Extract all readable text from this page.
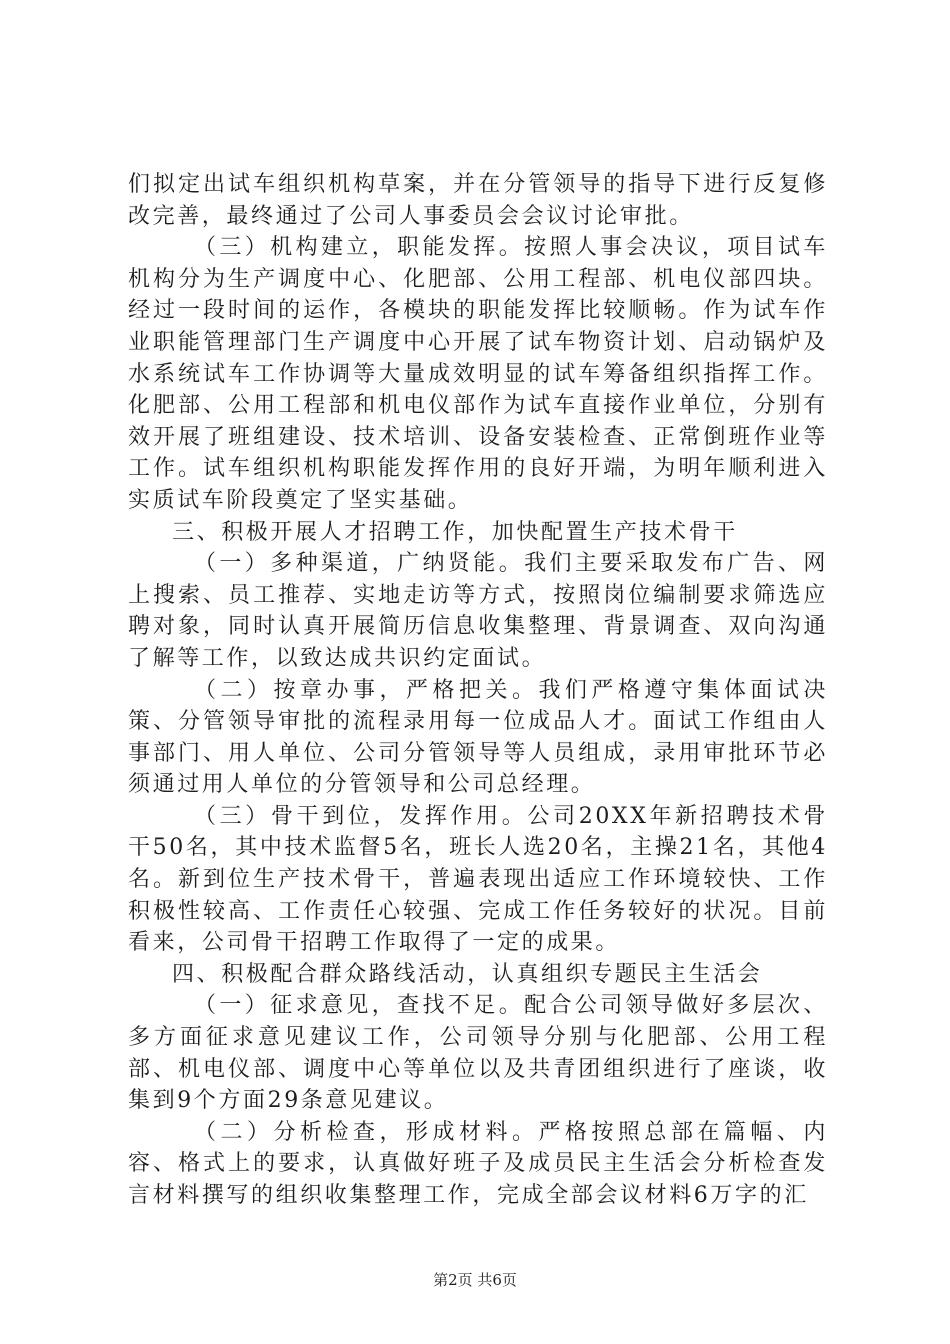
们拟定出试车组织机构草案，并在分管领导的指导下进行反复修改完善，最终通过了公司人事委员会会议讨论审批。

（三）机构建立，职能发挥。按照人事会决议，项目试车机构分为生产调度中心、化肥部、公用工程部、机电仪部四块。经过一段时间的运作，各模块的职能发挥比较顺畅。作为试车作业职能管理部门生产调度中心开展了试车物资计划、启动锅炉及水系统试车工作协调等大量成效明显的试车筹备组织指挥工作。化肥部、公用工程部和机电仪部作为试车直接作业单位，分别有效开展了班组建设、技术培训、设备安装检查、正常倒班作业等工作。试车组织机构职能发挥作用的良好开端，为明年顺利进入实质试车阶段奠定了坚实基础。

三、积极开展人才招聘工作，加快配置生产技术骨干

（一）多种渠道，广纳贤能。我们主要采取发布广告、网上搜索、员工推荐、实地走访等方式，按照岗位编制要求筛选应聘对象，同时认真开展简历信息收集整理、背景调查、双向沟通了解等工作，以致达成共识约定面试。

（二）按章办事，严格把关。我们严格遵守集体面试决策、分管领导审批的流程录用每一位成品人才。面试工作组由人事部门、用人单位、公司分管领导等人员组成，录用审批环节必须通过用人单位的分管领导和公司总经理。

（三）骨干到位，发挥作用。公司20XX年新招聘技术骨干50名，其中技术监督5名，班长人选20名，主操21名，其他4名。新到位生产技术骨干，普遍表现出适应工作环境较快、工作积极性较高、工作责任心较强、完成工作任务较好的状况。目前看来，公司骨干招聘工作取得了一定的成果。

四、积极配合群众路线活动，认真组织专题民主生活会

（一）征求意见，查找不足。配合公司领导做好多层次、多方面征求意见建议工作，公司领导分别与化肥部、公用工程部、机电仪部、调度中心等单位以及共青团组织进行了座谈，收集到9个方面29条意见建议。

（二）分析检查，形成材料。严格按照总部在篇幅、内容、格式上的要求，认真做好班子及成员民主生活会分析检查发言材料撰写的组织收集整理工作，完成全部会议材料6万字的汇

第2页 共6页
